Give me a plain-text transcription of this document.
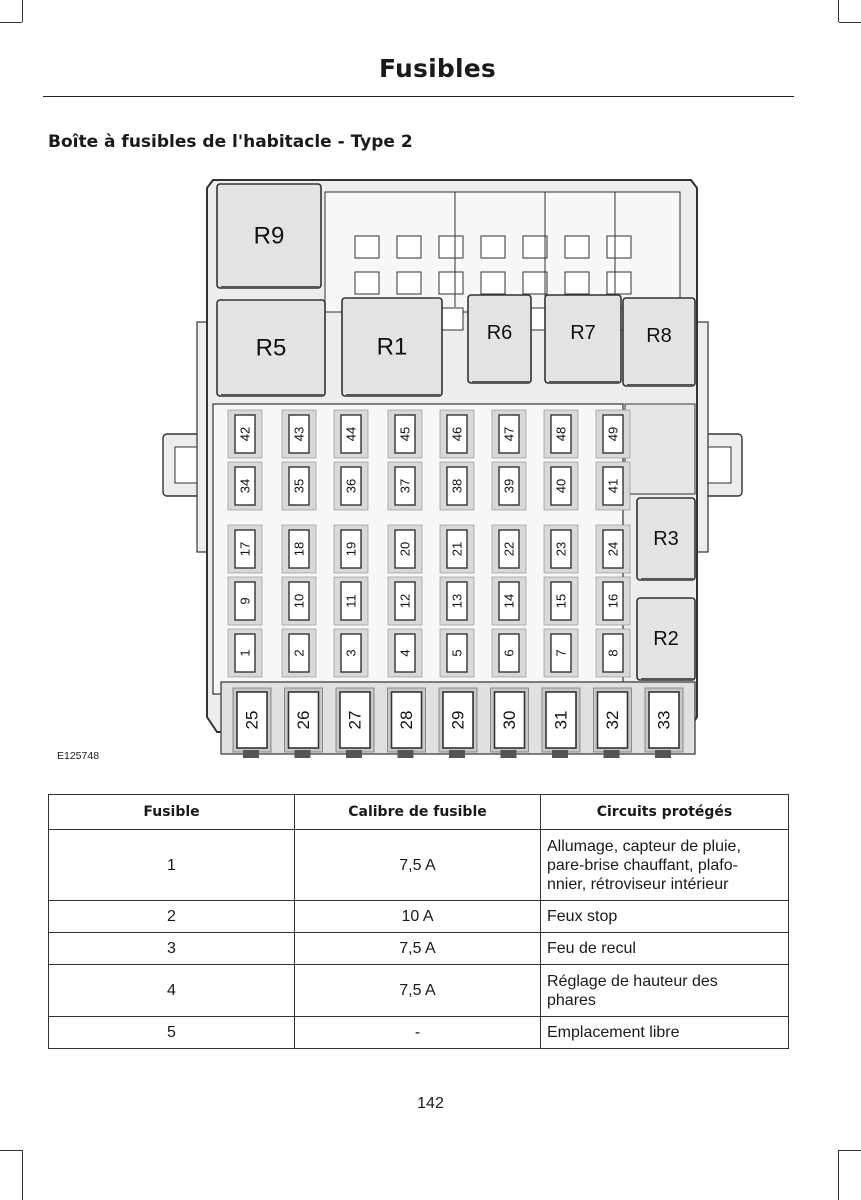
Fusibles
Boîte à fusibles de l'habitacle - Type 2
R9
R5	R1
R6	R7	R8
R3
R2
42	43	44	45	46	47	48	49
34	35	36	37	38	39	40	41
17	18	19	20	21	22	23	24
9	10	11	12	13	14	15	16
1	2	3	4	5	6	7	8
25 26 27 28 29 30 31 32 33
E125748
Fusible	Calibre de fusible	Circuits protégés
1	7,5 A	Allumage, capteur de pluie,
pare-brise chauffant, plafo-
nnier, rétroviseur intérieur
2	10 A	Feux stop
3	7,5 A	Feu de recul
4	7,5 A	Réglage de hauteur des
phares
5	-	Emplacement libre
142
